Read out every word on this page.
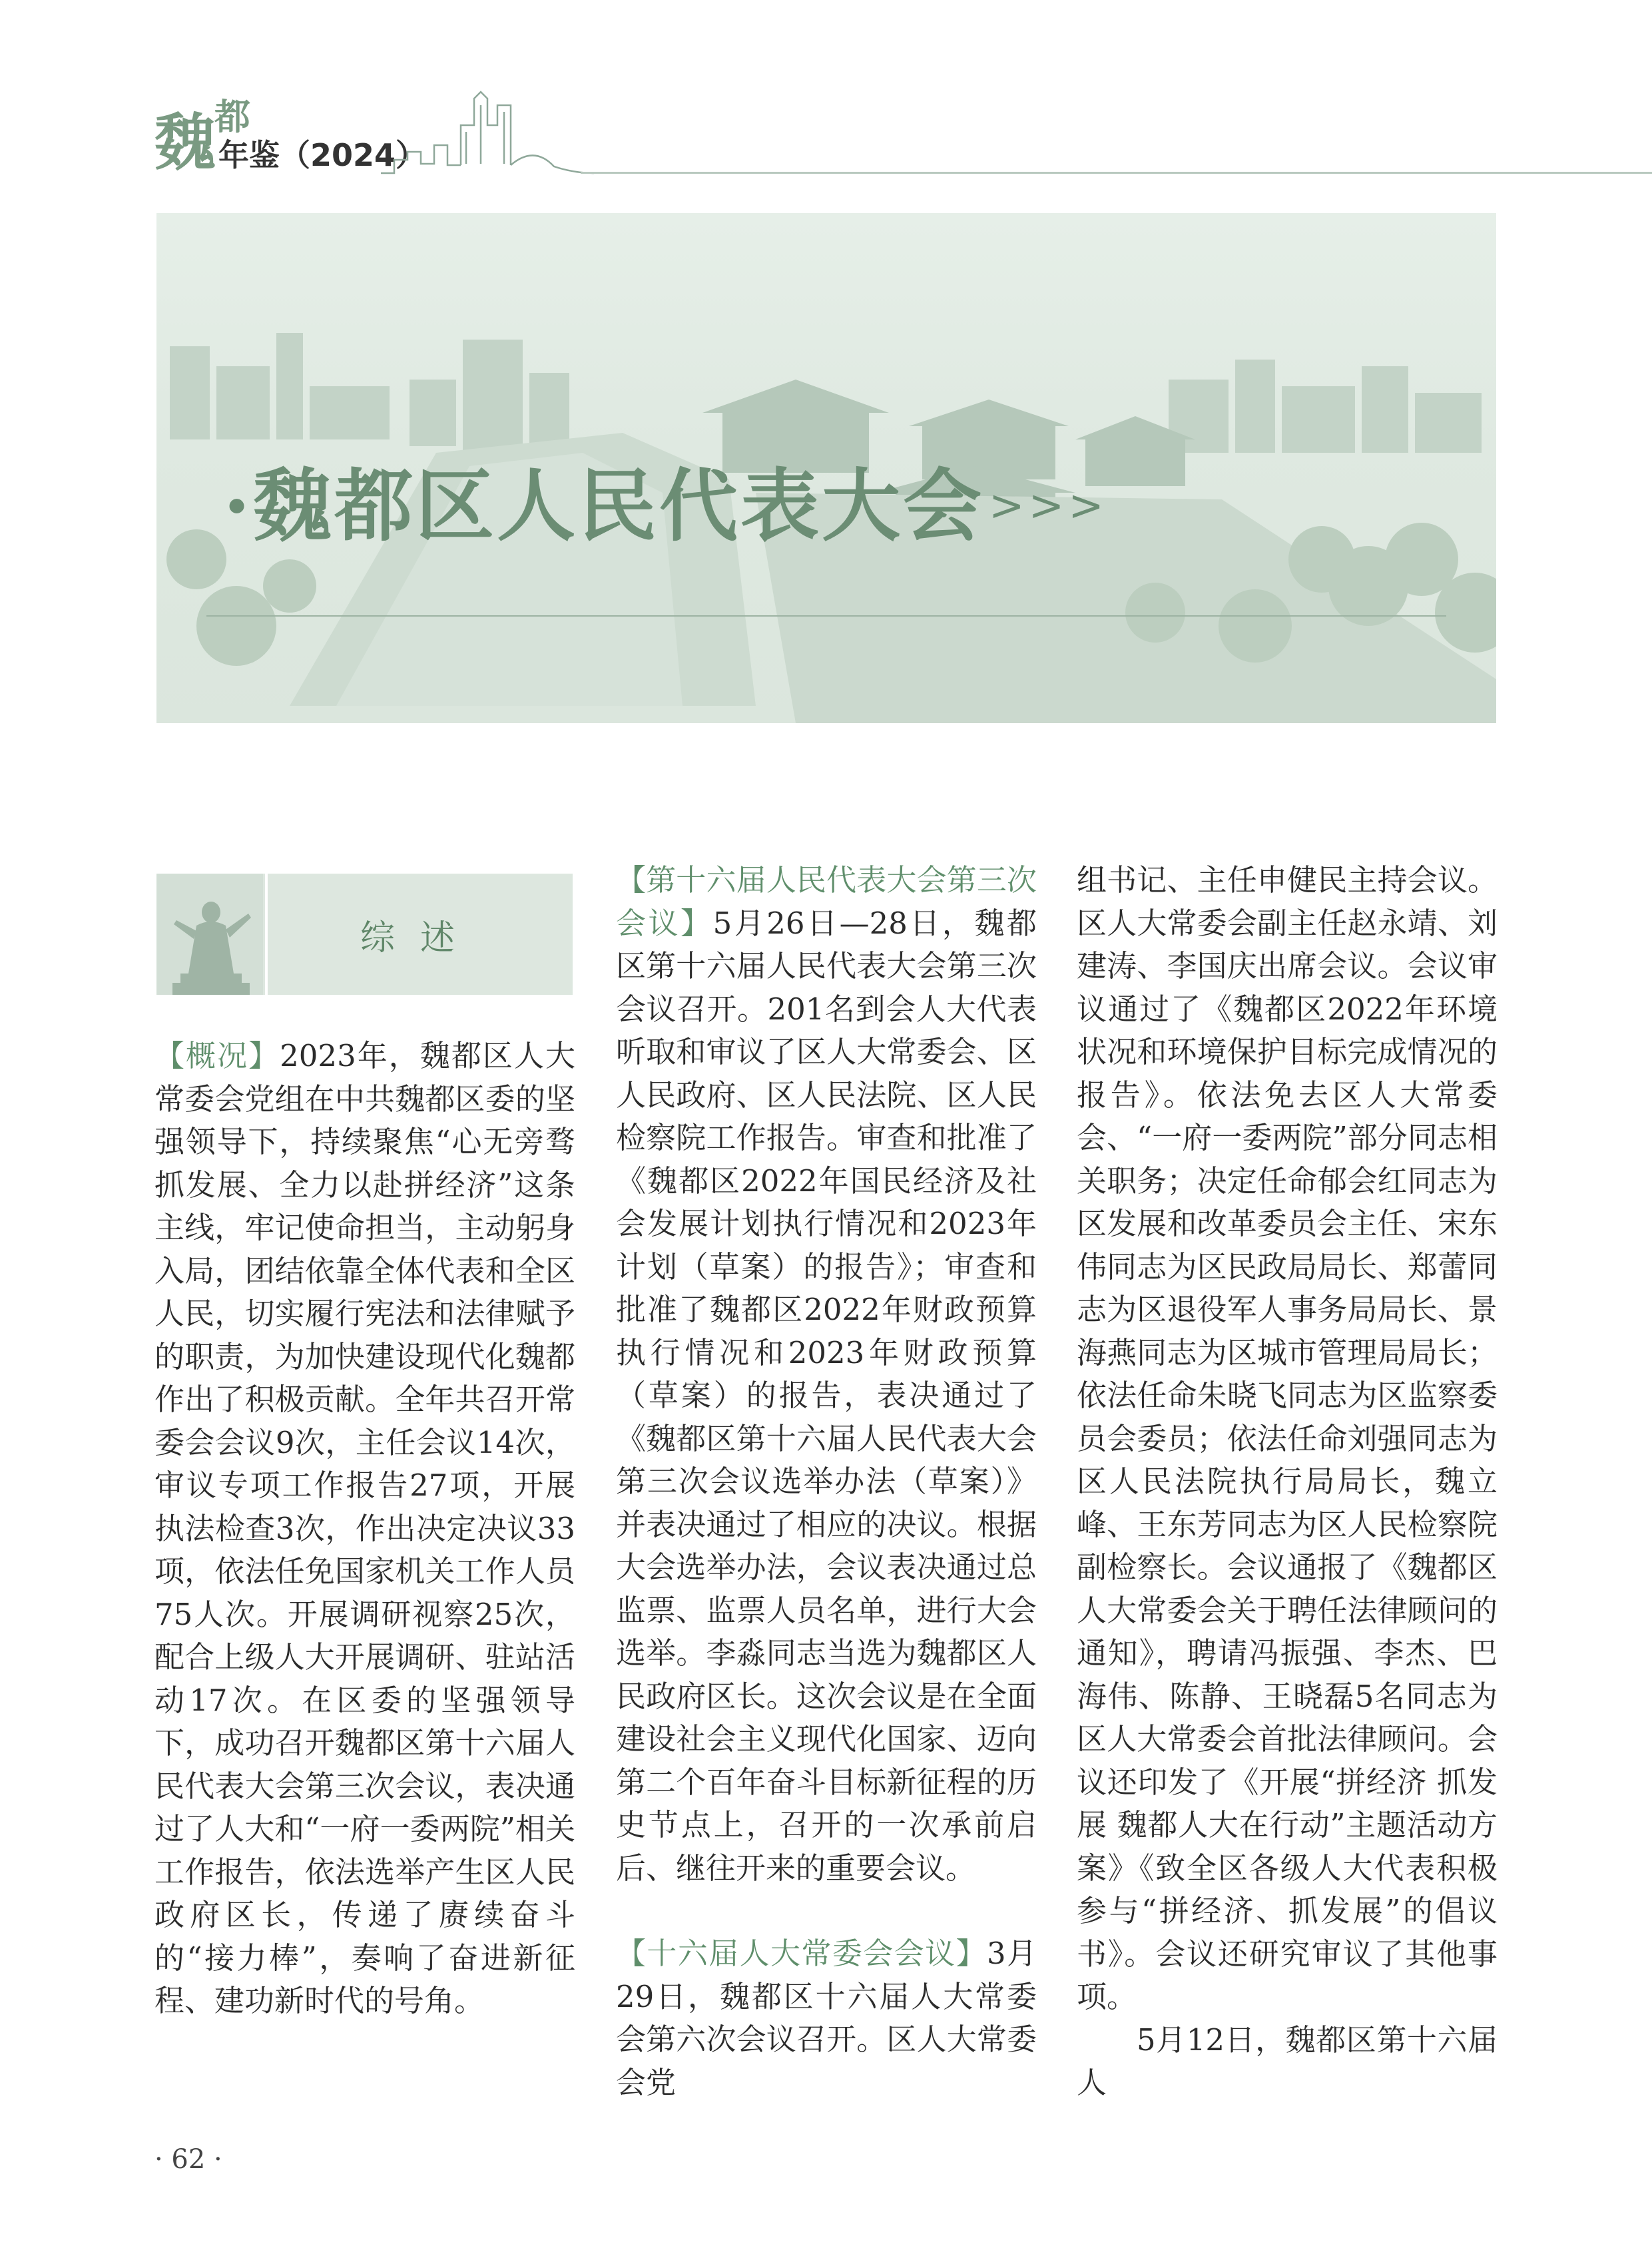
魏
都
年鉴（2024）
·魏都区人民代表大会 >>>
综述

【概况】2023年，魏都区人大常委会党组在中共魏都区委的坚强领导下，持续聚焦“心无旁骛抓发展、全力以赴拼经济”这条主线，牢记使命担当，主动躬身入局，团结依靠全体代表和全区人民，切实履行宪法和法律赋予的职责，为加快建设现代化魏都作出了积极贡献。全年共召开常委会会议9次，主任会议14次，审议专项工作报告27项，开展执法检查3次，作出决定决议33项，依法任免国家机关工作人员75人次。开展调研视察25次，配合上级人大开展调研、驻站活动17次。在区委的坚强领导下，成功召开魏都区第十六届人民代表大会第三次会议，表决通过了人大和“一府一委两院”相关工作报告，依法选举产生区人民政府区长，传递了赓续奋斗的“接力棒”，奏响了奋进新征程、建功新时代的号角。

【第十六届人民代表大会第三次会议】5月26日—28日，魏都区第十六届人民代表大会第三次会议召开。201名到会人大代表听取和审议了区人大常委会、区人民政府、区人民法院、区人民检察院工作报告。审查和批准了《魏都区2022年国民经济及社会发展计划执行情况和2023年计划（草案）的报告》；审查和批准了魏都区2022年财政预算执行情况和2023年财政预算（草案）的报告，表决通过了《魏都区第十六届人民代表大会第三次会议选举办法（草案）》并表决通过了相应的决议。根据大会选举办法，会议表决通过总监票、监票人员名单，进行大会选举。李淼同志当选为魏都区人民政府区长。这次会议是在全面建设社会主义现代化国家、迈向第二个百年奋斗目标新征程的历史节点上，召开的一次承前启后、继往开来的重要会议。

【十六届人大常委会会议】3月29日，魏都区十六届人大常委会第六次会议召开。区人大常委会党

组书记、主任申健民主持会议。区人大常委会副主任赵永靖、刘建涛、李国庆出席会议。会议审议通过了《魏都区2022年环境状况和环境保护目标完成情况的报告》。依法免去区人大常委会、“一府一委两院”部分同志相关职务；决定任命郁会红同志为区发展和改革委员会主任、宋东伟同志为区民政局局长、郑蕾同志为区退役军人事务局局长、景海燕同志为区城市管理局局长；依法任命朱晓飞同志为区监察委员会委员；依法任命刘强同志为区人民法院执行局局长，魏立峰、王东芳同志为区人民检察院副检察长。会议通报了《魏都区人大常委会关于聘任法律顾问的通知》，聘请冯振强、李杰、巴海伟、陈静、王晓磊5名同志为区人大常委会首批法律顾问。会议还印发了《开展“拼经济 抓发展 魏都人大在行动”主题活动方案》《致全区各级人大代表积极参与“拼经济、抓发展”的倡议书》。会议还研究审议了其他事项。

5月12日，魏都区第十六届人

· 62 ·
